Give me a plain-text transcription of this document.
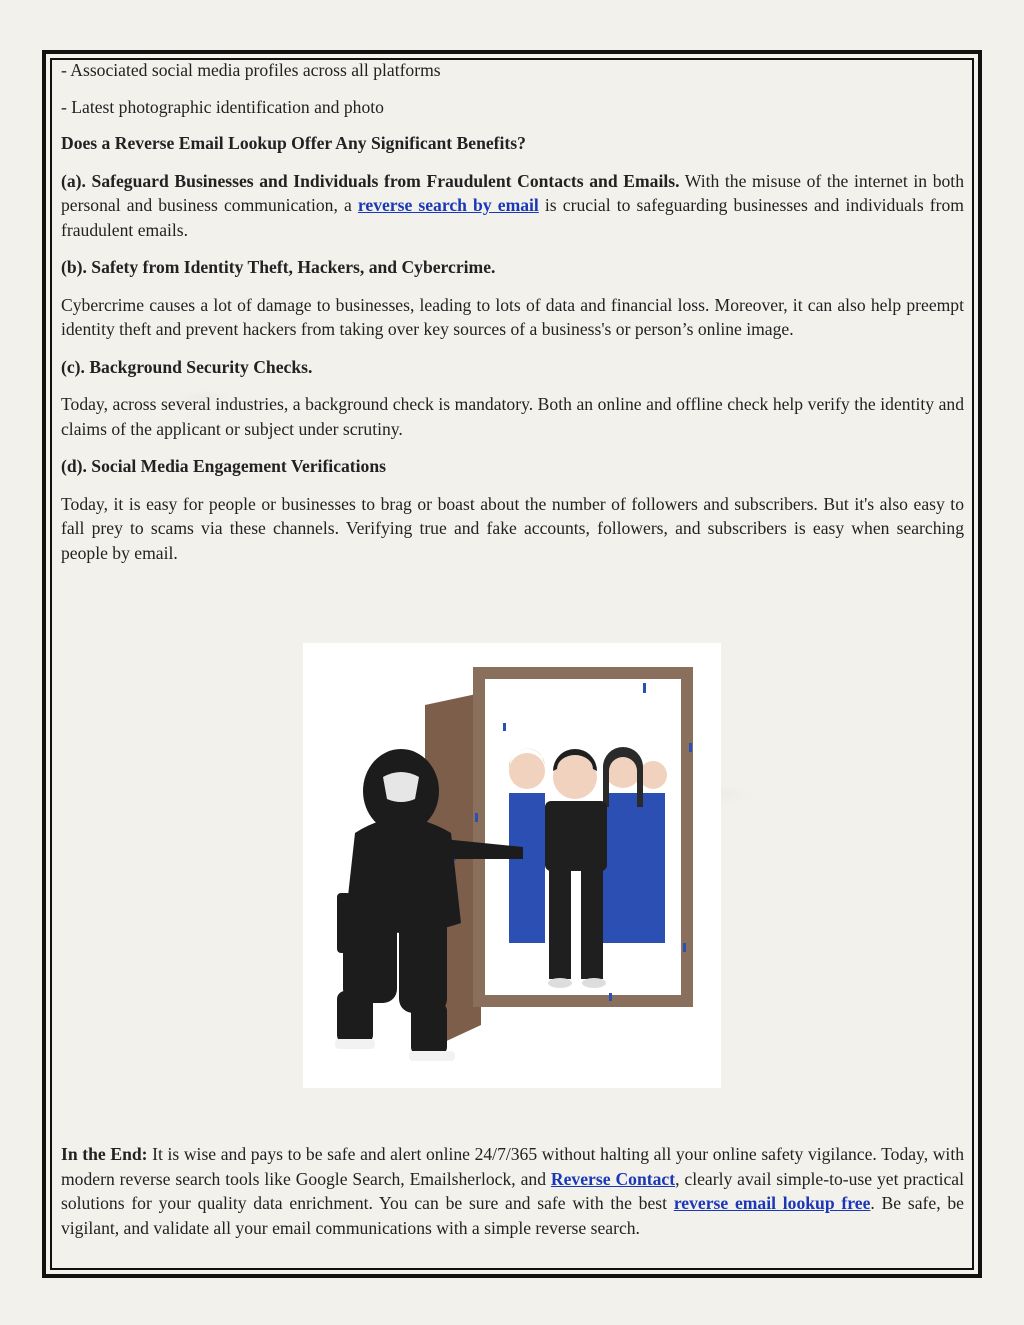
- Associated social media profiles across all platforms

- Latest photographic identification and photo

Does a Reverse Email Lookup Offer Any Significant Benefits?

(a). Safeguard Businesses and Individuals from Fraudulent Contacts and Emails. With the misuse of the internet in both personal and business communication, a reverse search by email is crucial to safeguarding businesses and individuals from fraudulent emails.

(b). Safety from Identity Theft, Hackers, and Cybercrime.

Cybercrime causes a lot of damage to businesses, leading to lots of data and financial loss. Moreover, it can also help preempt identity theft and prevent hackers from taking over key sources of a business's or person’s online image.

(c). Background Security Checks.

Today, across several industries, a background check is mandatory. Both an online and offline check help verify the identity and claims of the applicant or subject under scrutiny.

(d). Social Media Engagement Verifications

Today, it is easy for people or businesses to brag or boast about the number of followers and subscribers. But it's also easy to fall prey to scams via these channels. Verifying true and fake accounts, followers, and subscribers is easy when searching people by email.

In the End: It is wise and pays to be safe and alert online 24/7/365 without halting all your online safety vigilance. Today, with modern reverse search tools like Google Search, Emailsherlock, and Reverse Contact, clearly avail simple-to-use yet practical solutions for your quality data enrichment. You can be sure and safe with the best reverse email lookup free. Be safe, be vigilant, and validate all your email communications with a simple reverse search.
